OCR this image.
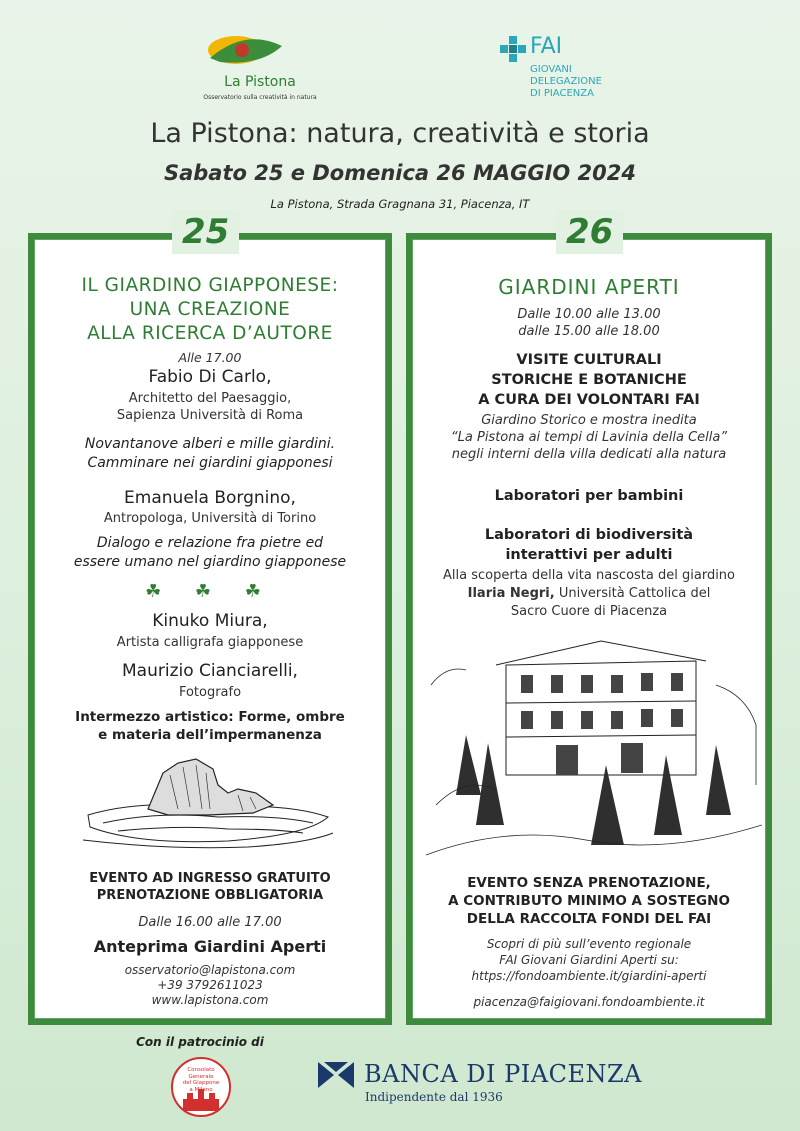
La Pistona
Osservatorio sulla creatività in natura
FAI
GIOVANI
DELEGAZIONE
DI PIACENZA
La Pistona: natura, creatività e storia
Sabato 25 e Domenica 26 MAGGIO 2024
La Pistona, Strada Gragnana 31, Piacenza, IT
IL GIARDINO GIAPPONESE:
UNA CREAZIONE
ALLA RICERCA D’AUTORE
Alle 17.00
Fabio Di Carlo,
Architetto del Paesaggio,
Sapienza Università di Roma
Novantanove alberi e mille giardini.
Camminare nei giardini giapponesi
Emanuela Borgnino,
Antropologa, Università di Torino
Dialogo e relazione fra pietre ed
essere umano nel giardino giapponese
☘ ☘ ☘
Kinuko Miura,
Artista calligrafa giapponese
Maurizio Cianciarelli,
Fotografo
Intermezzo artistico: Forme, ombre
e materia dell’impermanenza
EVENTO AD INGRESSO GRATUITO
PRENOTAZIONE OBBLIGATORIA
Dalle 16.00 alle 17.00
Anteprima Giardini Aperti
osservatorio@lapistona.com
+39 3792611023
www.lapistona.com
GIARDINI APERTI
Dalle 10.00 alle 13.00
dalle 15.00 alle 18.00
VISITE CULTURALI
STORICHE E BOTANICHE
A CURA DEI VOLONTARI FAI
Giardino Storico e mostra inedita
“La Pistona ai tempi di Lavinia della Cella”
negli interni della villa dedicati alla natura
Laboratori per bambini
Laboratori di biodiversità
interattivi per adulti
Alla scoperta della vita nascosta del giardino
Ilaria Negri, Università Cattolica del
Sacro Cuore di Piacenza
EVENTO SENZA PRENOTAZIONE,
A CONTRIBUTO MINIMO A SOSTEGNO
DELLA RACCOLTA FONDI DEL FAI
Scopri di più sull’evento regionale
FAI Giovani Giardini Aperti su:
https://fondoambiente.it/giardini-aperti
piacenza@faigiovani.fondoambiente.it
25	26
Con il patrocinio di
Consolato
Generale
del Giappone
a Milano
BANCA DI PIACENZA
Indipendente dal 1936
